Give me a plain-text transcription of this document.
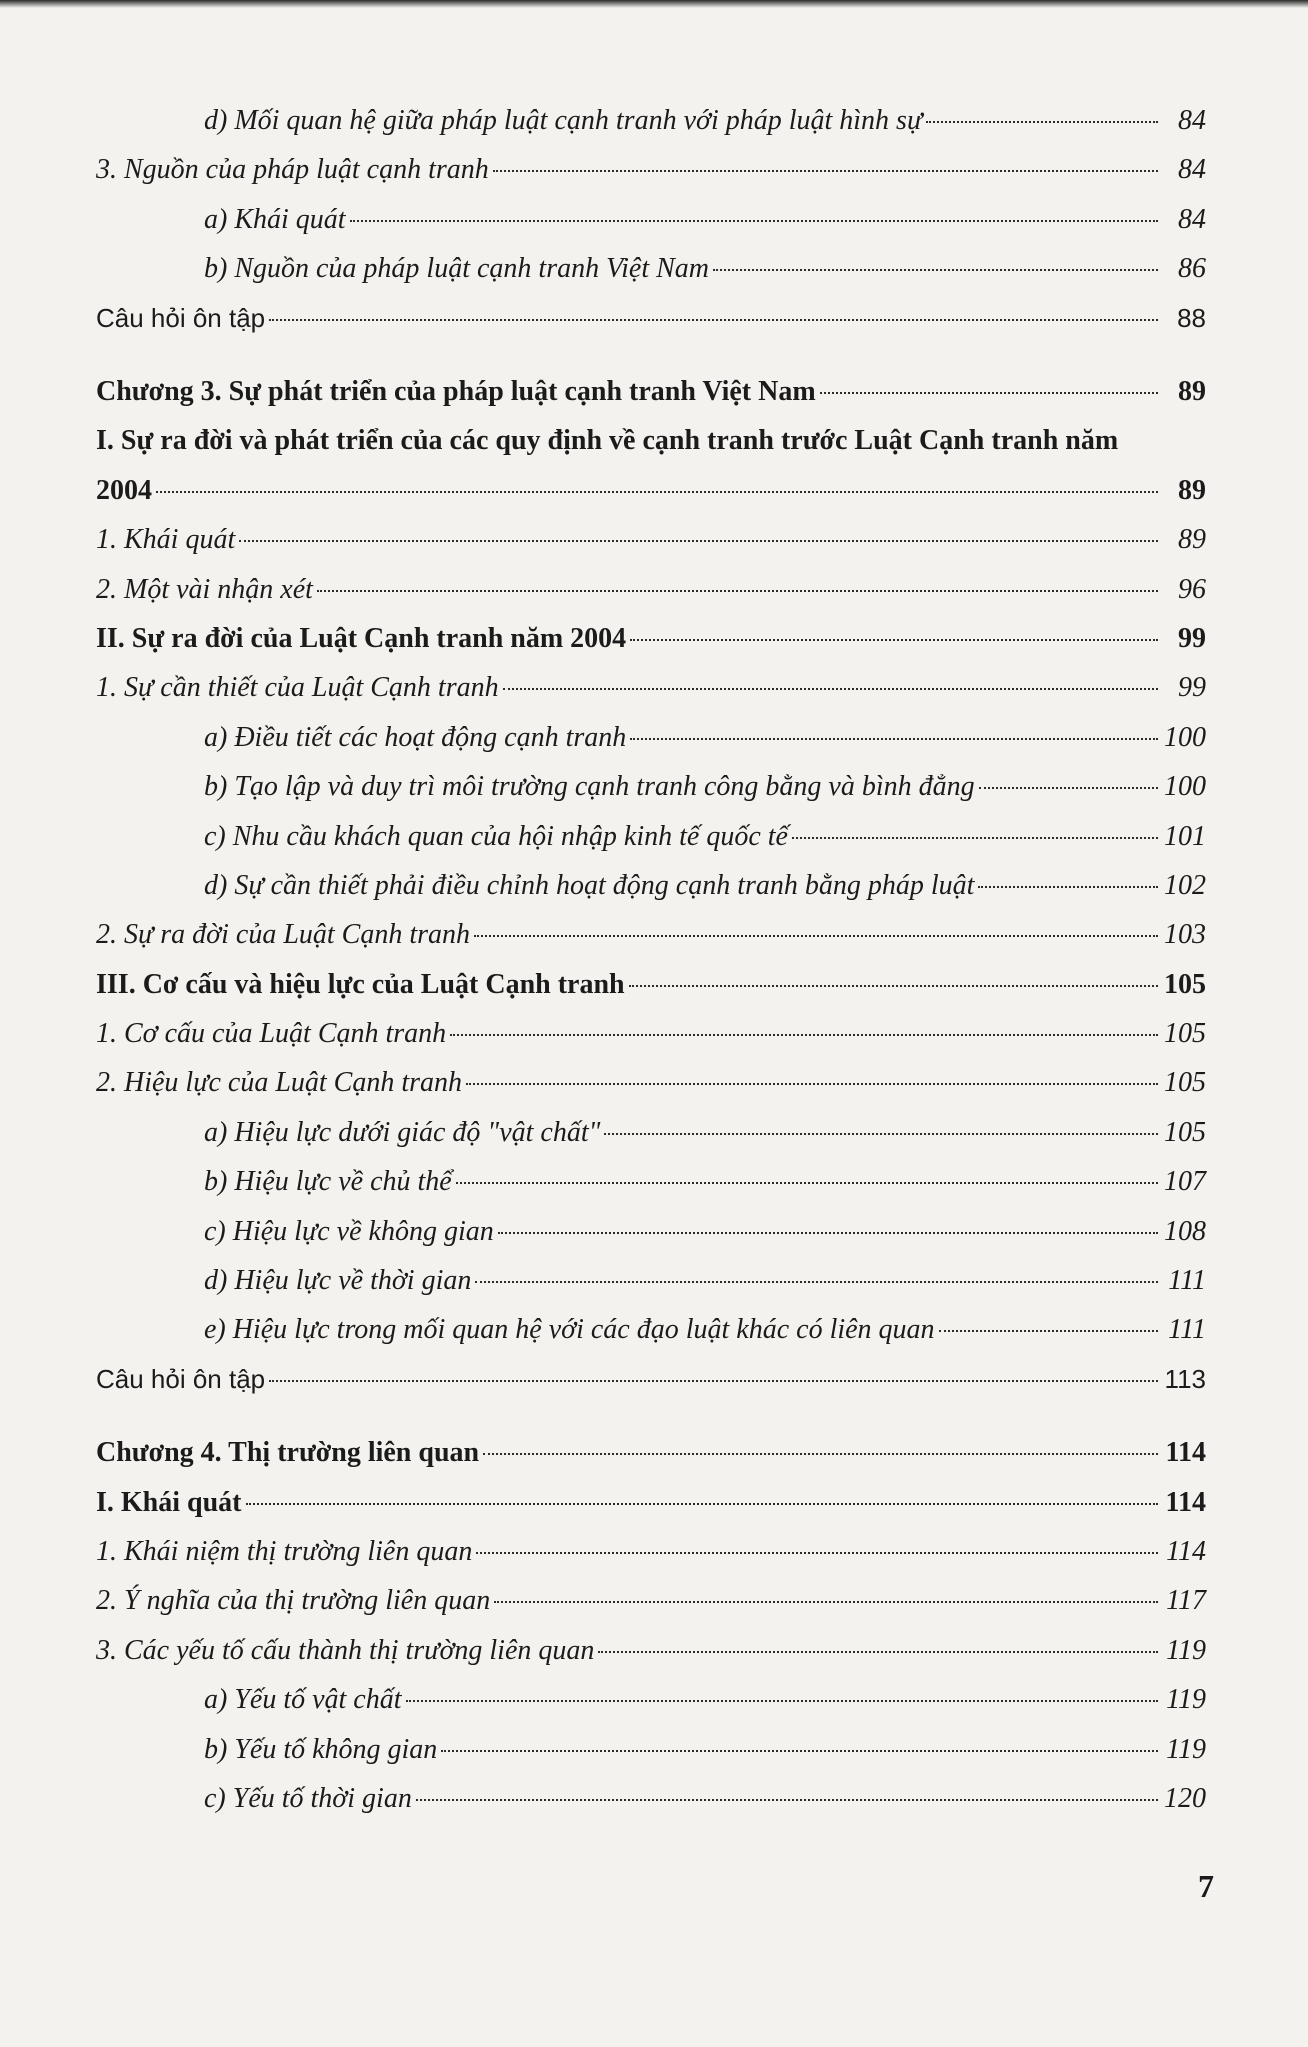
d) Mối quan hệ giữa pháp luật cạnh tranh với pháp luật hình sự	84
3. Nguồn của pháp luật cạnh tranh	84
a) Khái quát	84
b) Nguồn của pháp luật cạnh tranh Việt Nam	86
Câu hỏi ôn tập	88
Chương 3. Sự phát triển của pháp luật cạnh tranh Việt Nam	89
I. Sự ra đời và phát triển của các quy định về cạnh tranh trước Luật Cạnh tranh năm
2004	89
1. Khái quát	89
2. Một vài nhận xét	96
II. Sự ra đời của Luật Cạnh tranh năm 2004	99
1. Sự cần thiết của Luật Cạnh tranh	99
a) Điều tiết các hoạt động cạnh tranh	100
b) Tạo lập và duy trì môi trường cạnh tranh công bằng và bình đẳng	100
c) Nhu cầu khách quan của hội nhập kinh tế quốc tế	101
d) Sự cần thiết phải điều chỉnh hoạt động cạnh tranh bằng pháp luật	102
2. Sự ra đời của Luật Cạnh tranh	103
III. Cơ cấu và hiệu lực của Luật Cạnh tranh	105
1. Cơ cấu của Luật Cạnh tranh	105
2. Hiệu lực của Luật Cạnh tranh	105
a) Hiệu lực dưới giác độ "vật chất"	105
b) Hiệu lực về chủ thể	107
c) Hiệu lực về không gian	108
d) Hiệu lực về thời gian	111
e) Hiệu lực trong mối quan hệ với các đạo luật khác có liên quan	111
Câu hỏi ôn tập	113
Chương 4. Thị trường liên quan	114
I. Khái quát	114
1. Khái niệm thị trường liên quan	114
2. Ý nghĩa của thị trường liên quan	117
3. Các yếu tố cấu thành thị trường liên quan	119
a) Yếu tố vật chất	119
b) Yếu tố không gian	119
c) Yếu tố thời gian	120
7
